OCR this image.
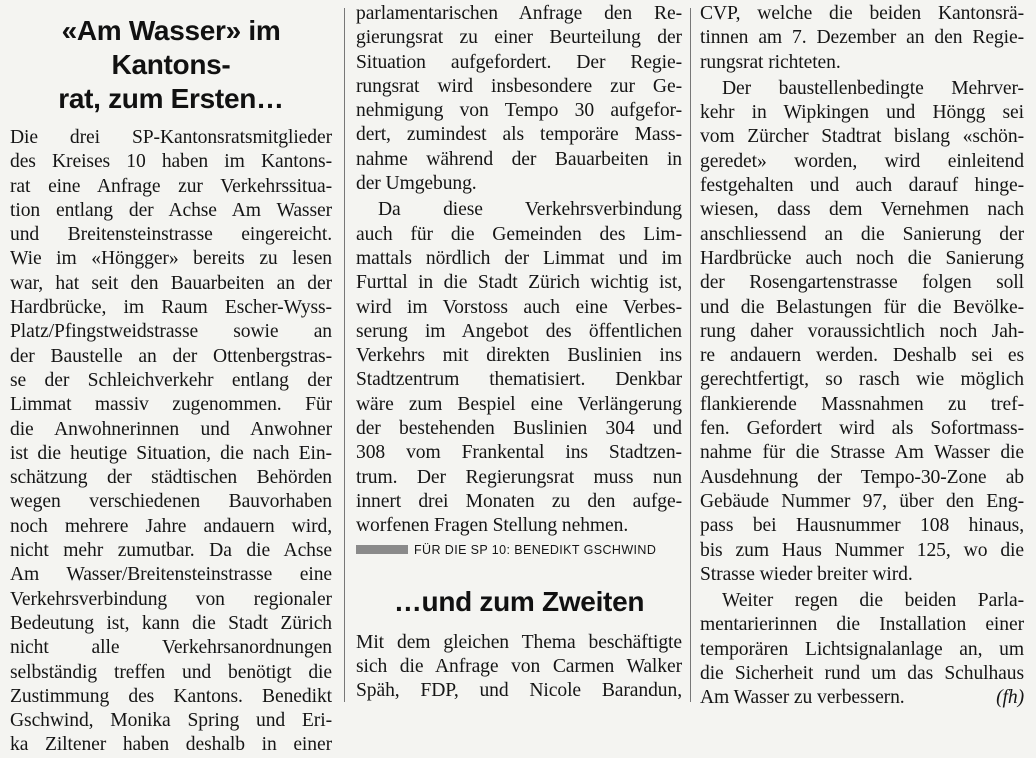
«Am Wasser» im Kantons-
rat, zum Ersten…

Die drei SP-Kantonsratsmitglieder
des Kreises 10 haben im Kantons-
rat eine Anfrage zur Verkehrssitua-
tion entlang der Achse Am Wasser
und Breitensteinstrasse eingereicht.
Wie im «Höngger» bereits zu lesen
war, hat seit den Bauarbeiten an der
Hardbrücke, im Raum Escher-Wyss-
Platz/Pfingstweidstrasse sowie an
der Baustelle an der Ottenbergstras-
se der Schleichverkehr entlang der
Limmat massiv zugenommen. Für
die Anwohnerinnen und Anwohner
ist die heutige Situation, die nach Ein-
schätzung der städtischen Behörden
wegen verschiedenen Bauvorhaben
noch mehrere Jahre andauern wird,
nicht mehr zumutbar. Da die Achse
Am Wasser/Breitensteinstrasse eine
Verkehrsverbindung von regionaler
Bedeutung ist, kann die Stadt Zürich
nicht alle Verkehrsanordnungen
selbständig treffen und benötigt die
Zustimmung des Kantons. Benedikt
Gschwind, Monika Spring und Eri-
ka Ziltener haben deshalb in einer

parlamentarischen Anfrage den Re-
gierungsrat zu einer Beurteilung der
Situation aufgefordert. Der Regie-
rungsrat wird insbesondere zur Ge-
nehmigung von Tempo 30 aufgefor-
dert, zumindest als temporäre Mass-
nahme während der Bauarbeiten in
der Umgebung.

Da diese Verkehrsverbindung
auch für die Gemeinden des Lim-
mattals nördlich der Limmat und im
Furttal in die Stadt Zürich wichtig ist,
wird im Vorstoss auch eine Verbes-
serung im Angebot des öffentlichen
Verkehrs mit direkten Buslinien ins
Stadtzentrum thematisiert. Denkbar
wäre zum Bespiel eine Verlängerung
der bestehenden Buslinien 304 und
308 vom Frankental ins Stadtzen-
trum. Der Regierungsrat muss nun
innert drei Monaten zu den aufge-
worfenen Fragen Stellung nehmen.

FÜR DIE SP 10: BENEDIKT GSCHWIND
…und zum Zweiten

Mit dem gleichen Thema beschäftigte
sich die Anfrage von Carmen Walker
Späh, FDP, und Nicole Barandun,

CVP, welche die beiden Kantonsrä-
tinnen am 7. Dezember an den Regie-
rungsrat richteten.

Der baustellenbedingte Mehrver-
kehr in Wipkingen und Höngg sei
vom Zürcher Stadtrat bislang «schön-
geredet» worden, wird einleitend
festgehalten und auch darauf hinge-
wiesen, dass dem Vernehmen nach
anschliessend an die Sanierung der
Hardbrücke auch noch die Sanierung
der Rosengartenstrasse folgen soll
und die Belastungen für die Bevölke-
rung daher voraussichtlich noch Jah-
re andauern werden. Deshalb sei es
gerechtfertigt, so rasch wie möglich
flankierende Massnahmen zu tref-
fen. Gefordert wird als Sofortmass-
nahme für die Strasse Am Wasser die
Ausdehnung der Tempo-30-Zone ab
Gebäude Nummer 97, über den Eng-
pass bei Hausnummer 108 hinaus,
bis zum Haus Nummer 125, wo die
Strasse wieder breiter wird.

Weiter regen die beiden Parla-
mentarierinnen die Installation einer
temporären Lichtsignalanlage an, um
die Sicherheit rund um das Schulhaus
Am Wasser zu verbessern.	(fh)
